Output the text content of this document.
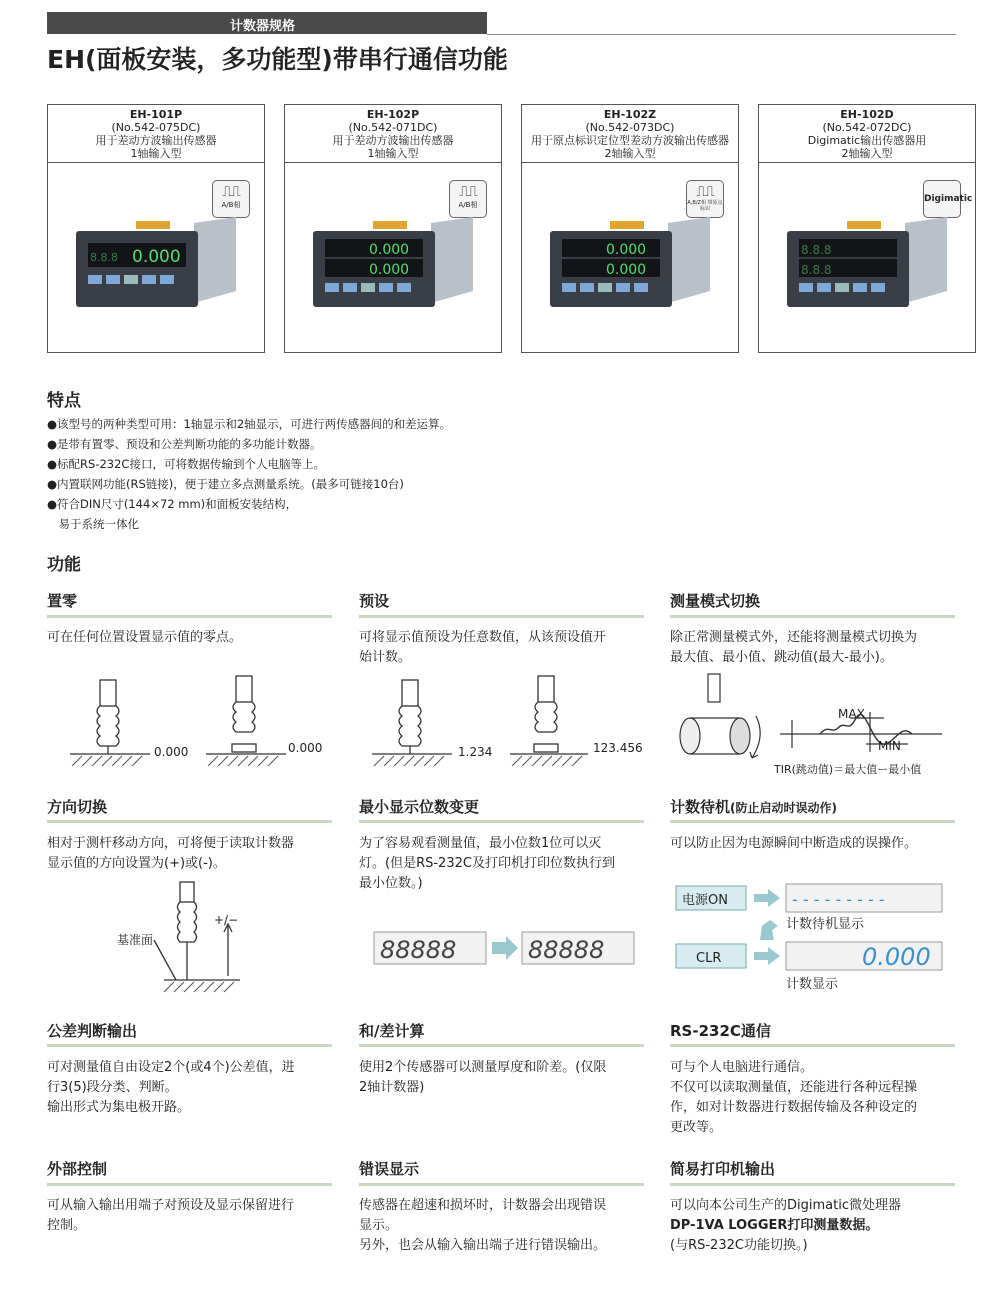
计数器规格
EH(面板安装，多功能型)带串行通信功能
EH-101P
(No.542-075DC)
用于差动方波输出传感器
1轴输入型
⎍⎍
A/B相
0.000
8.8.8
EH-102P
(No.542-071DC)
用于差动方波输出传感器
1轴输入型
⎍⎍
A/B相
0.000
0.000
EH-102Z
(No.542-073DC)
用于原点标识定位型差动方波输出传感器
2轴输入型
⎍⎍
A,B/Z相 带原点标识
0.000
0.000
EH-102D
(No.542-072DC)
Digimatic输出传感器用
2轴输入型
Digimatic
8.8.8
8.8.8
特点
●该型号的两种类型可用：1轴显示和2轴显示，可进行两传感器间的和差运算。
●是带有置零、预设和公差判断功能的多功能计数器。
●标配RS-232C接口，可将数据传输到个人电脑等上。
●内置联网功能(RS链接)，便于建立多点测量系统。(最多可链接10台)
●符合DIN尺寸(144×72 mm)和面板安装结构，
　易于系统一体化
功能
置零
可在任何位置设置显示值的零点。
0.000	0.000
预设
可将显示值预设为任意数值，从该预设值开
始计数。
1.234	123.456
测量模式切换
除正常测量模式外，还能将测量模式切换为
最大值、最小值、跳动值(最大-最小)。
MAX
MIN
TIR(跳动值)＝最大值ー最小值
方向切换
相对于测杆移动方向，可将便于读取计数器
显示值的方向设置为(+)或(-)。
基准面
+/−
最小显示位数变更
为了容易观看测量值，最小位数1位可以灭
灯。(但是RS-232C及打印机打印位数执行到
最小位数。)
88888	88888
计数待机(防止启动时误动作)
可以防止因为电源瞬间中断造成的误操作。
电源ON	- - - - - - - - -
计数待机显示
CLR	0.000
计数显示
公差判断输出
可对测量值自由设定2个(或4个)公差值，进
行3(5)段分类、判断。
输出形式为集电极开路。
和/差计算
使用2个传感器可以测量厚度和阶差。(仅限
2轴计数器)
RS-232C通信
可与个人电脑进行通信。
不仅可以读取测量值，还能进行各种远程操
作，如对计数器进行数据传输及各种设定的
更改等。
外部控制
可从输入输出用端子对预设及显示保留进行
控制。
错误显示
传感器在超速和损坏时，计数器会出现错误
显示。
另外，也会从输入输出端子进行错误输出。
简易打印机输出
可以向本公司生产的Digimatic微处理器
DP-1VA LOGGER打印测量数据。
(与RS-232C功能切换。)
